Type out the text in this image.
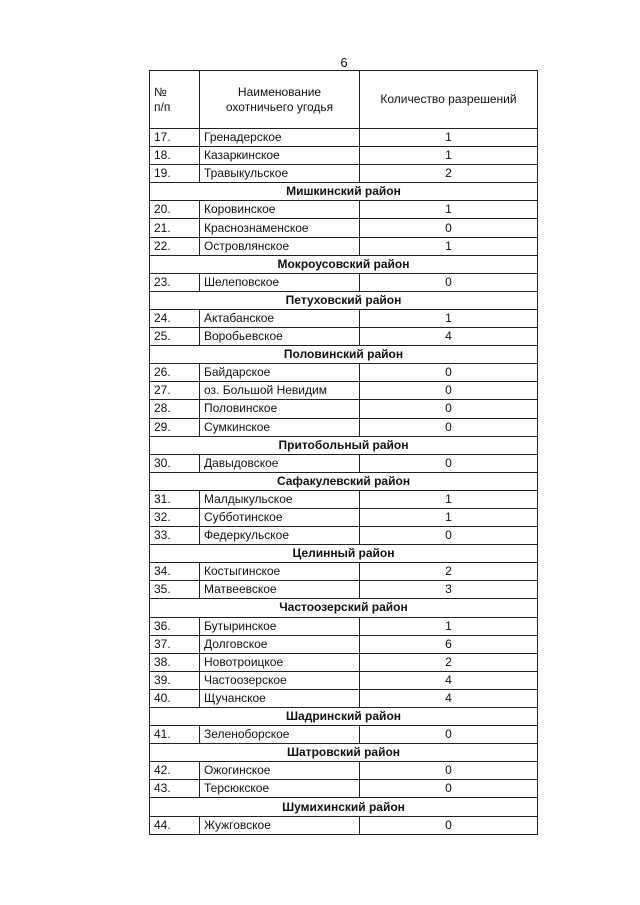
6
№
п/п	Наименование охотничьего угодья	Количество разрешений
17.	Гренадерское	1
18.	Казаркинское	1
19.	Травыкульское	2
Мишкинский район		
20.	Коровинское	1
21.	Краснознаменское	0
22.	Островлянское	1
Мокроусовский район		
23.	Шелеповское	0
Петуховский район		
24.	Актабанское	1
25.	Воробьевское	4
Половинский район		
26.	Байдарское	0
27.	оз. Большой Невидим	0
28.	Половинское	0
29.	Сумкинское	0
Притобольный район		
30.	Давыдовское	0
Сафакулевский район		
31.	Малдыкульское	1
32.	Субботинское	1
33.	Федеркульское	0
Целинный район		
34.	Костыгинское	2
35.	Матвеевское	3
Частоозерский район		
36.	Бутыринское	1
37.	Долговское	6
38.	Новотроицкое	2
39.	Частоозерское	4
40.	Щучанское	4
Шадринский район		
41.	Зеленоборское	0
Шатровский район		
42.	Ожогинское	0
43.	Терсюкское	0
Шумихинский район		
44.	Жужговское	0
